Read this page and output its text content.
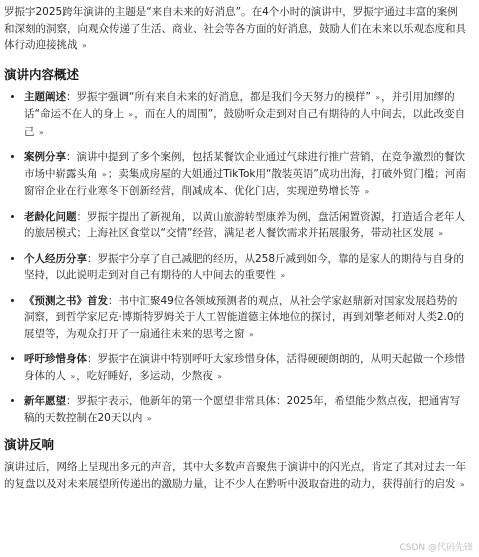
罗振宇2025跨年演讲的主题是“来自未来的好消息”。在4个小时的演讲中，罗振宇通过丰富的案例和深刻的洞察，向观众传递了生活、商业、社会等各方面的好消息，鼓励人们在未来以乐观态度和具体行动迎接挑战 »

演讲内容概述
• 主题阐述：罗振宇强调“所有来自未来的好消息，都是我们今天努力的模样” »，并引用加缪的话“命运不在人的身上 »，而在人的周围”，鼓励听众走到对自己有期待的人中间去，以此改变自己 »
• 案例分享：演讲中提到了多个案例，包括某餐饮企业通过气球进行推广营销，在竞争激烈的餐饮市场中崭露头角 »；卖集成房屋的大姐通过TikTok用“散装英语”成功出海，打破外贸门槛；河南窗帘企业在行业寒冬下创新经营，削减成本、优化门店，实现逆势增长等 »
• 老龄化问题：罗振宇提出了新视角，以黄山旅游转型康养为例，盘活闲置资源，打造适合老年人的旅居模式；上海社区食堂以“交情”经营，满足老人餐饮需求并拓展服务，带动社区发展 »
• 个人经历分享：罗振宇分享了自己减肥的经历，从258斤减到如今，靠的是家人的期待与自身的坚持，以此说明走到对自己有期待的人中间去的重要性 »
• 《预测之书》首发：书中汇聚49位各领域预测者的观点，从社会学家赵鼎新对国家发展趋势的洞察，到哲学家尼克·博斯特罗姆关于人工智能道德主体地位的探讨，再到刘擎老师对人类2.0的展望等，为观众打开了一扇通往未来的思考之窗 »
• 呼吁珍惜身体：罗振宇在演讲中特别呼吁大家珍惜身体，活得硬硬朗朗的，从明天起做一个珍惜身体的人 »，吃好睡好，多运动，少熬夜 »
• 新年愿望：罗振宇表示，他新年的第一个愿望非常具体：2025年，希望能少熬点夜，把通宵写稿的天数控制在20天以内 »
演讲反响

演讲过后，网络上呈现出多元的声音，其中大多数声音聚焦于演讲中的闪光点，肯定了其对过去一年的复盘以及对未来展望所传递出的激励力量，让不少人在黔听中汲取奋进的动力，获得前行的启发 »

CSDN @代码先锋
